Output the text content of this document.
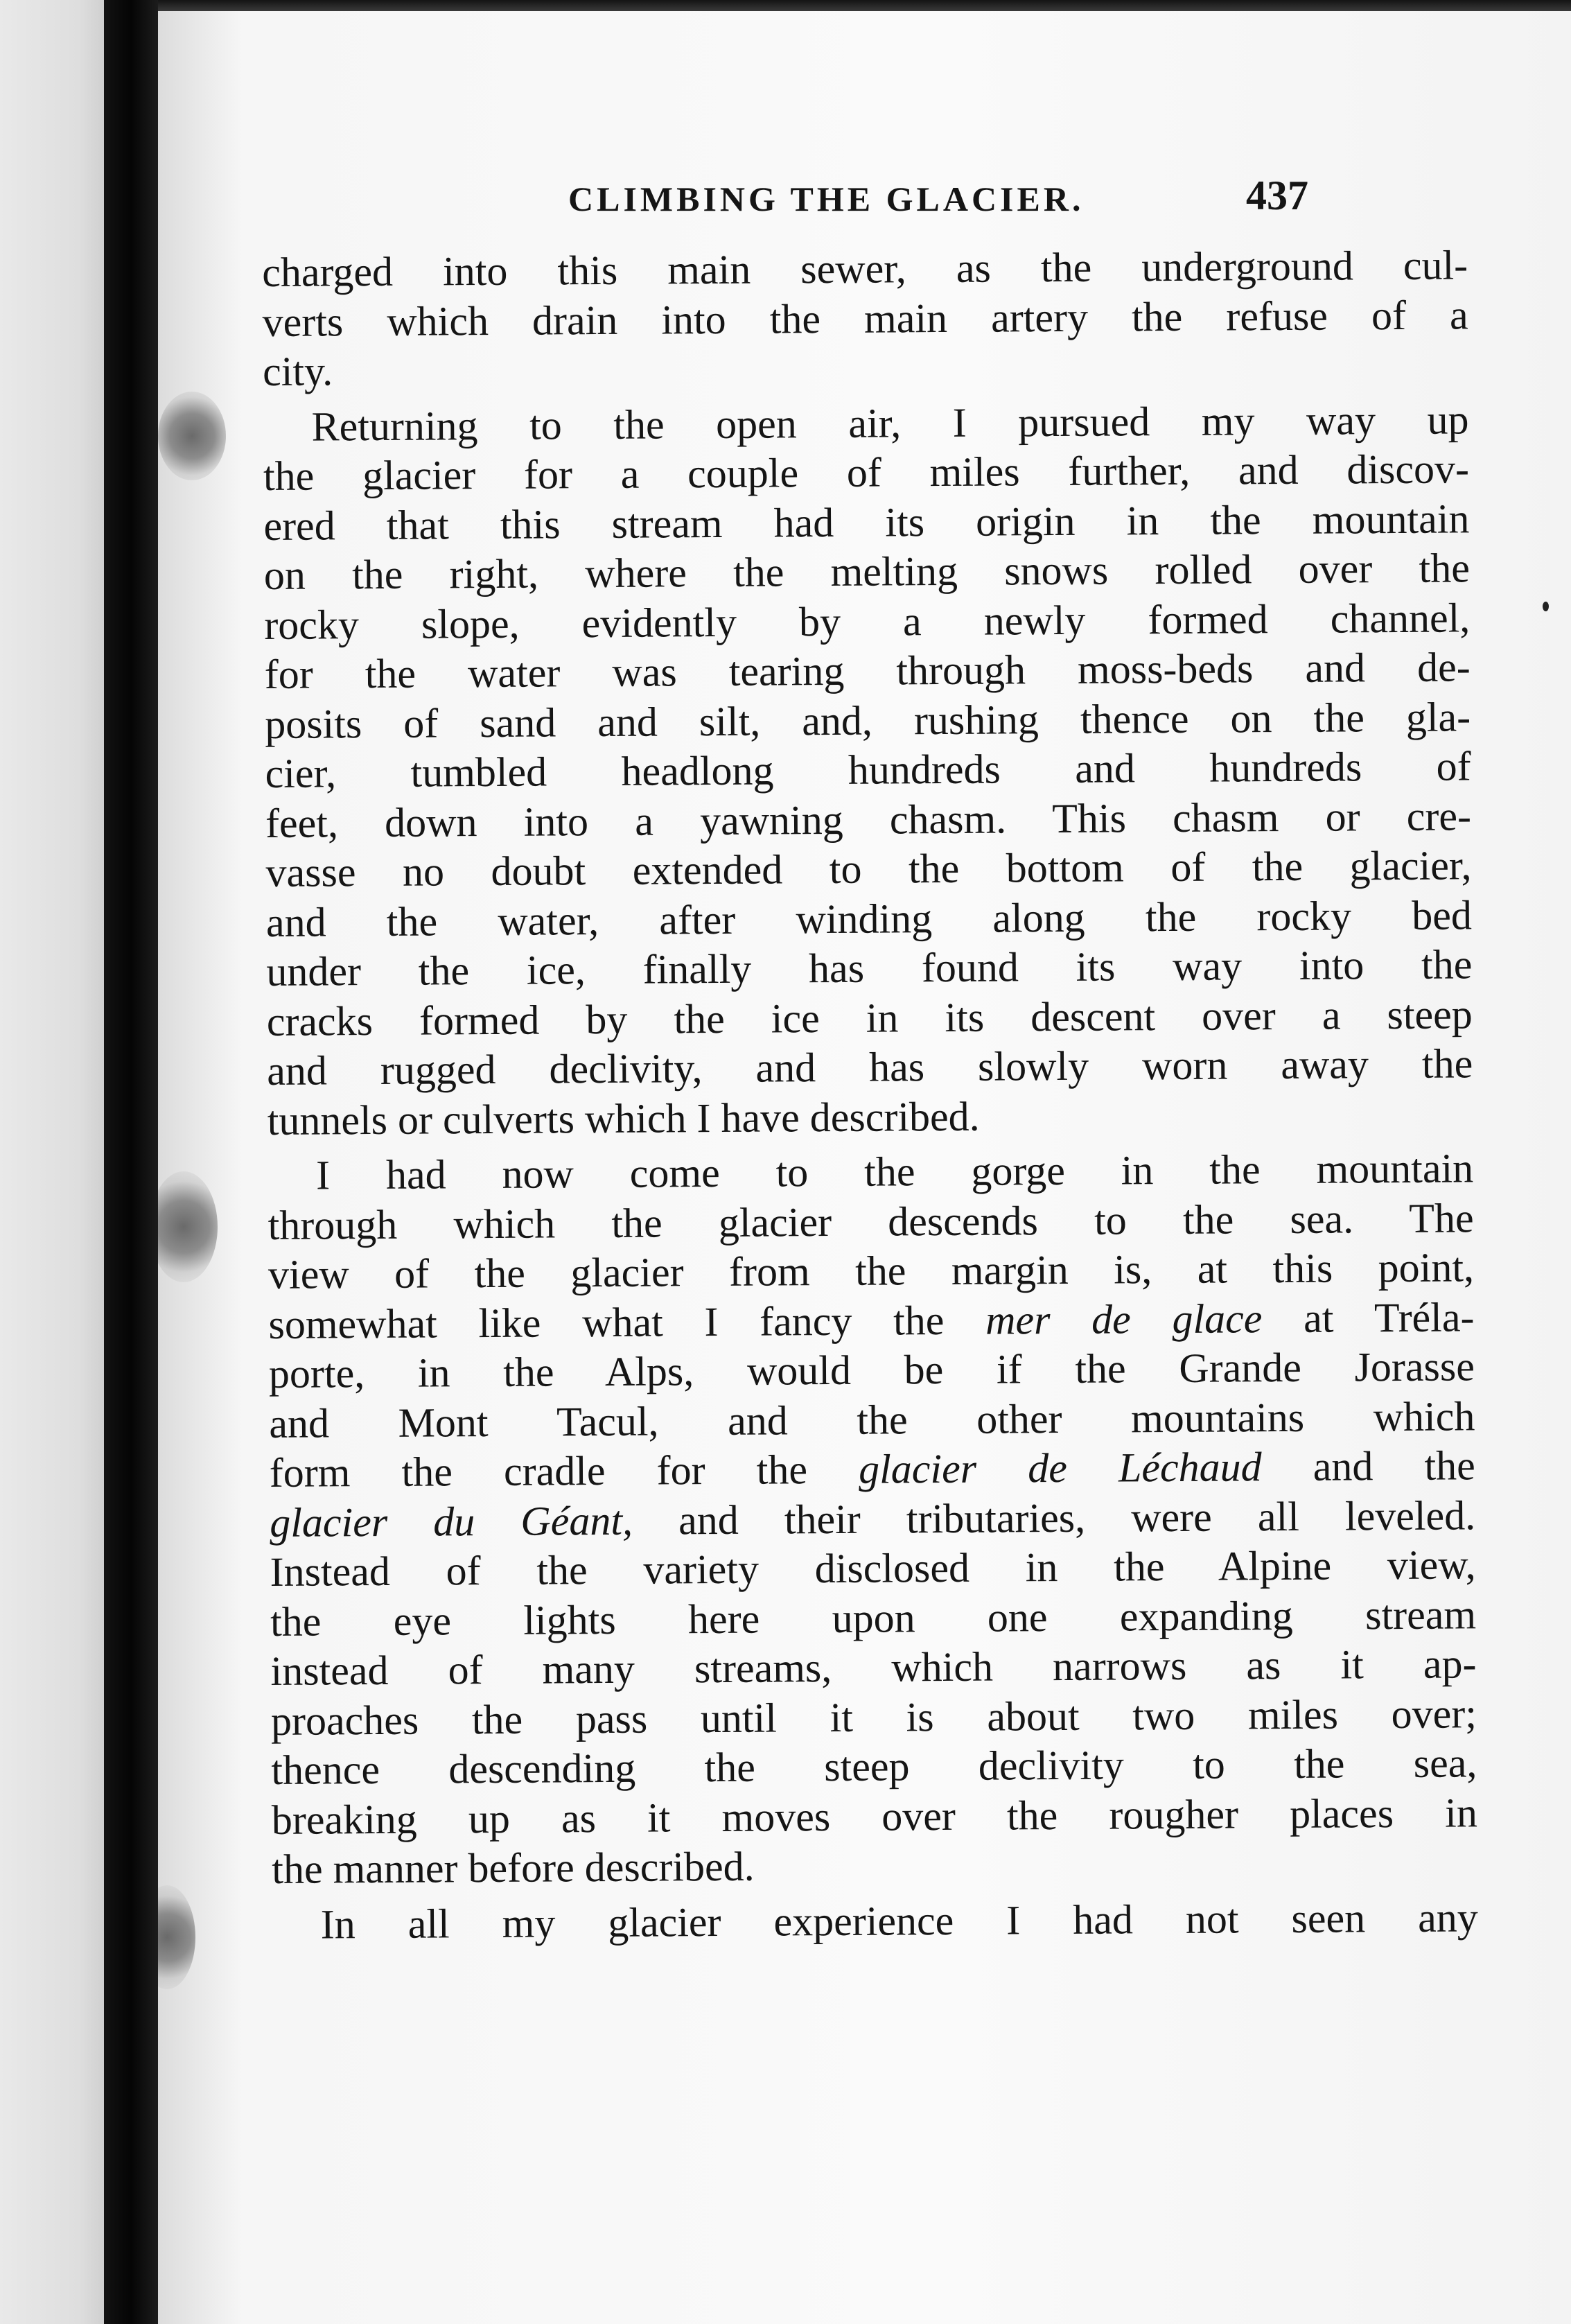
CLIMBING THE GLACIER.	437
charged into this main sewer, as the underground cul-
verts which drain into the main artery the refuse of a
city.
Returning to the open air, I pursued my way up
the glacier for a couple of miles further, and discov-
ered that this stream had its origin in the mountain
on the right, where the melting snows rolled over the
rocky slope, evidently by a newly formed channel,
for the water was tearing through moss-beds and de-
posits of sand and silt, and, rushing thence on the gla-
cier, tumbled headlong hundreds and hundreds of
feet, down into a yawning chasm. This chasm or cre-
vasse no doubt extended to the bottom of the glacier,
and the water, after winding along the rocky bed
under the ice, finally has found its way into the
cracks formed by the ice in its descent over a steep
and rugged declivity, and has slowly worn away the
tunnels or culverts which I have described.
I had now come to the gorge in the mountain
through which the glacier descends to the sea. The
view of the glacier from the margin is, at this point,
somewhat like what I fancy the mer de glace at Tréla-
porte, in the Alps, would be if the Grande Jorasse
and Mont Tacul, and the other mountains which
form the cradle for the glacier de Léchaud and the
glacier du Géant, and their tributaries, were all leveled.
Instead of the variety disclosed in the Alpine view,
the eye lights here upon one expanding stream
instead of many streams, which narrows as it ap-
proaches the pass until it is about two miles over;
thence descending the steep declivity to the sea,
breaking up as it moves over the rougher places in
the manner before described.
In all my glacier experience I had not seen any
